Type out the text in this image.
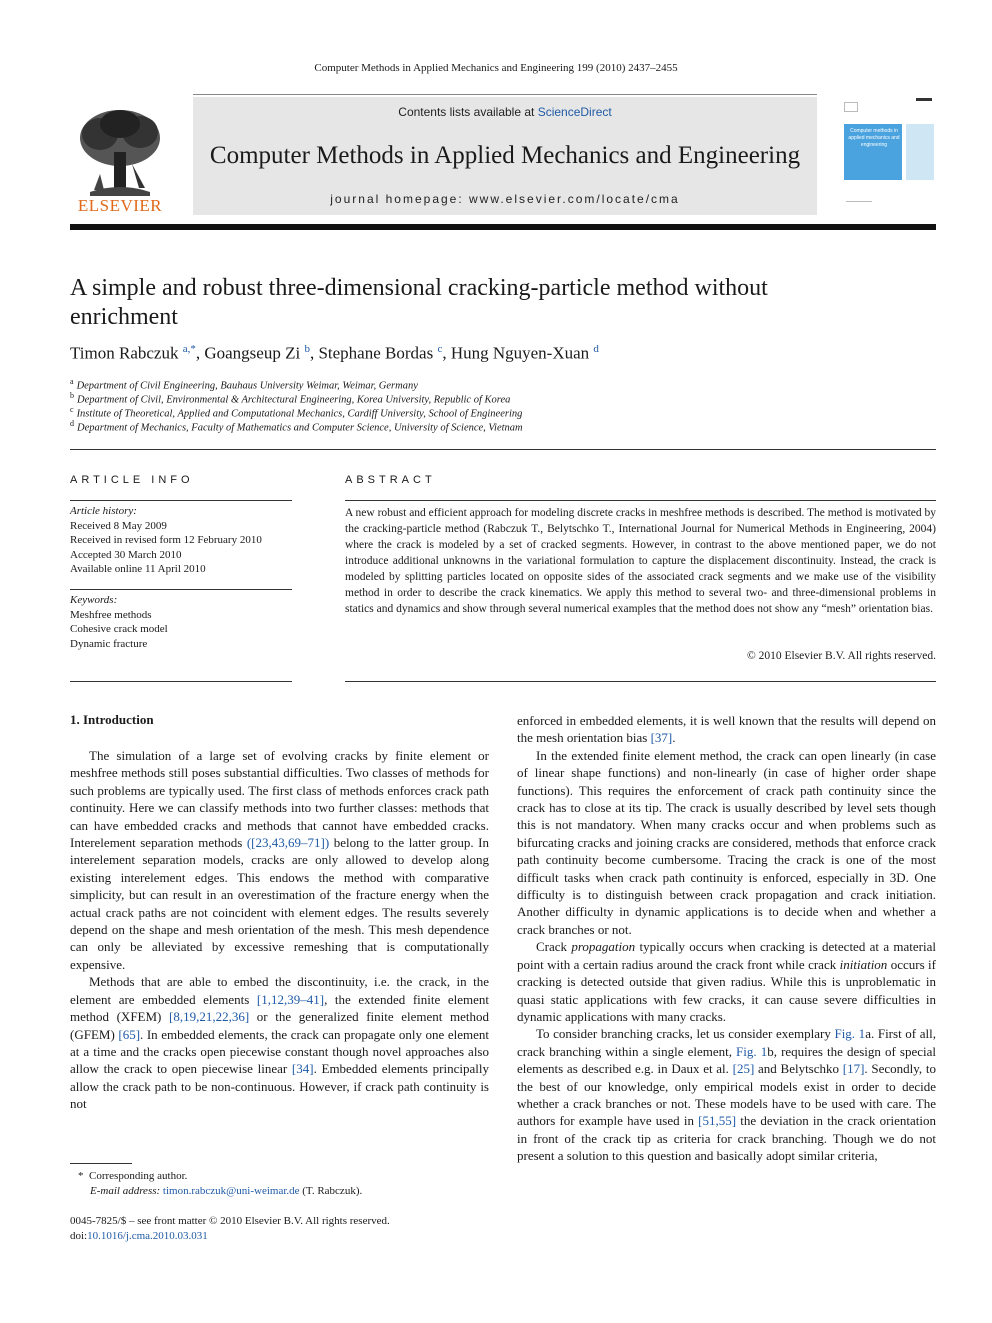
Computer Methods in Applied Mechanics and Engineering 199 (2010) 2437–2455
ELSEVIER
Contents lists available at ScienceDirect
Computer Methods in Applied Mechanics and Engineering
journal homepage: www.elsevier.com/locate/cma
Computer methods in applied mechanics and engineering
A simple and robust three-dimensional cracking-particle method without enrichment
Timon Rabczuk $^{a,*}$, Goangseup Zi $^b$, Stephane Bordas $^c$, Hung Nguyen-Xuan $^d$
$^a$ Department of Civil Engineering, Bauhaus University Weimar, Weimar, Germany
$^b$ Department of Civil, Environmental & Architectural Engineering, Korea University, Republic of Korea
$^c$ Institute of Theoretical, Applied and Computational Mechanics, Cardiff University, School of Engineering
$^d$ Department of Mechanics, Faculty of Mathematics and Computer Science, University of Science, Vietnam
ARTICLE INFO
Article history:
Received 8 May 2009
Received in revised form 12 February 2010
Accepted 30 March 2010
Available online 11 April 2010
Keywords:
Meshfree methods
Cohesive crack model
Dynamic fracture
ABSTRACT
A new robust and efficient approach for modeling discrete cracks in meshfree methods is described. The method is motivated by the cracking-particle method (Rabczuk T., Belytschko T., International Journal for Numerical Methods in Engineering, 2004) where the crack is modeled by a set of cracked segments. However, in contrast to the above mentioned paper, we do not introduce additional unknowns in the variational formulation to capture the displacement discontinuity. Instead, the crack is modeled by splitting particles located on opposite sides of the associated crack segments and we make use of the visibility method in order to describe the crack kinematics. We apply this method to several two- and three-dimensional problems in statics and dynamics and show through several numerical examples that the method does not show any “mesh” orientation bias.
© 2010 Elsevier B.V. All rights reserved.
1. Introduction

The simulation of a large set of evolving cracks by finite element or meshfree methods still poses substantial difficulties. Two classes of methods for such problems are typically used. The first class of methods enforces crack path continuity. Here we can classify methods into two further classes: methods that can have embedded cracks and methods that cannot have embedded cracks. Interelement separation methods ([23,43,69–71]) belong to the latter group. In interelement separation models, cracks are only allowed to develop along existing interelement edges. This endows the method with comparative simplicity, but can result in an overestimation of the fracture energy when the actual crack paths are not coincident with element edges. The results severely depend on the shape and mesh orientation of the mesh. This mesh dependence can only be alleviated by excessive remeshing that is computationally expensive.

Methods that are able to embed the discontinuity, i.e. the crack, in the element are embedded elements [1,12,39–41], the extended finite element method (XFEM) [8,19,21,22,36] or the generalized finite element method (GFEM) [65]. In embedded elements, the crack can propagate only one element at a time and the cracks open piecewise constant though novel approaches also allow the crack to open piecewise linear [34]. Embedded elements principally allow the crack path to be non-continuous. However, if crack path continuity is not

enforced in embedded elements, it is well known that the results will depend on the mesh orientation bias [37].

In the extended finite element method, the crack can open linearly (in case of linear shape functions) and non-linearly (in case of higher order shape functions). This requires the enforcement of crack path continuity since the crack has to close at its tip. The crack is usually described by level sets though this is not mandatory. When many cracks occur and when problems such as bifurcating cracks and joining cracks are considered, methods that enforce crack path continuity become cumbersome. Tracing the crack is one of the most difficult tasks when crack path continuity is enforced, especially in 3D. One difficulty is to distinguish between crack propagation and crack initiation. Another difficulty in dynamic applications is to decide when and whether a crack branches or not.

Crack propagation typically occurs when cracking is detected at a material point with a certain radius around the crack front while crack initiation occurs if cracking is detected outside that given radius. While this is unproblematic in quasi static applications with few cracks, it can cause severe difficulties in dynamic applications with many cracks.

To consider branching cracks, let us consider exemplary Fig. 1a. First of all, crack branching within a single element, Fig. 1b, requires the design of special elements as described e.g. in Daux et al. [25] and Belytschko [17]. Secondly, to the best of our knowledge, only empirical models exist in order to decide whether a crack branches or not. These models have to be used with care. The authors for example have used in [51,55] the deviation in the crack orientation in front of the crack tip as criteria for crack branching. Though we do not present a solution to this question and basically adopt similar criteria,

* Corresponding author.
E-mail address: timon.rabczuk@uni-weimar.de (T. Rabczuk).
0045-7825/$ – see front matter © 2010 Elsevier B.V. All rights reserved.
doi:10.1016/j.cma.2010.03.031
